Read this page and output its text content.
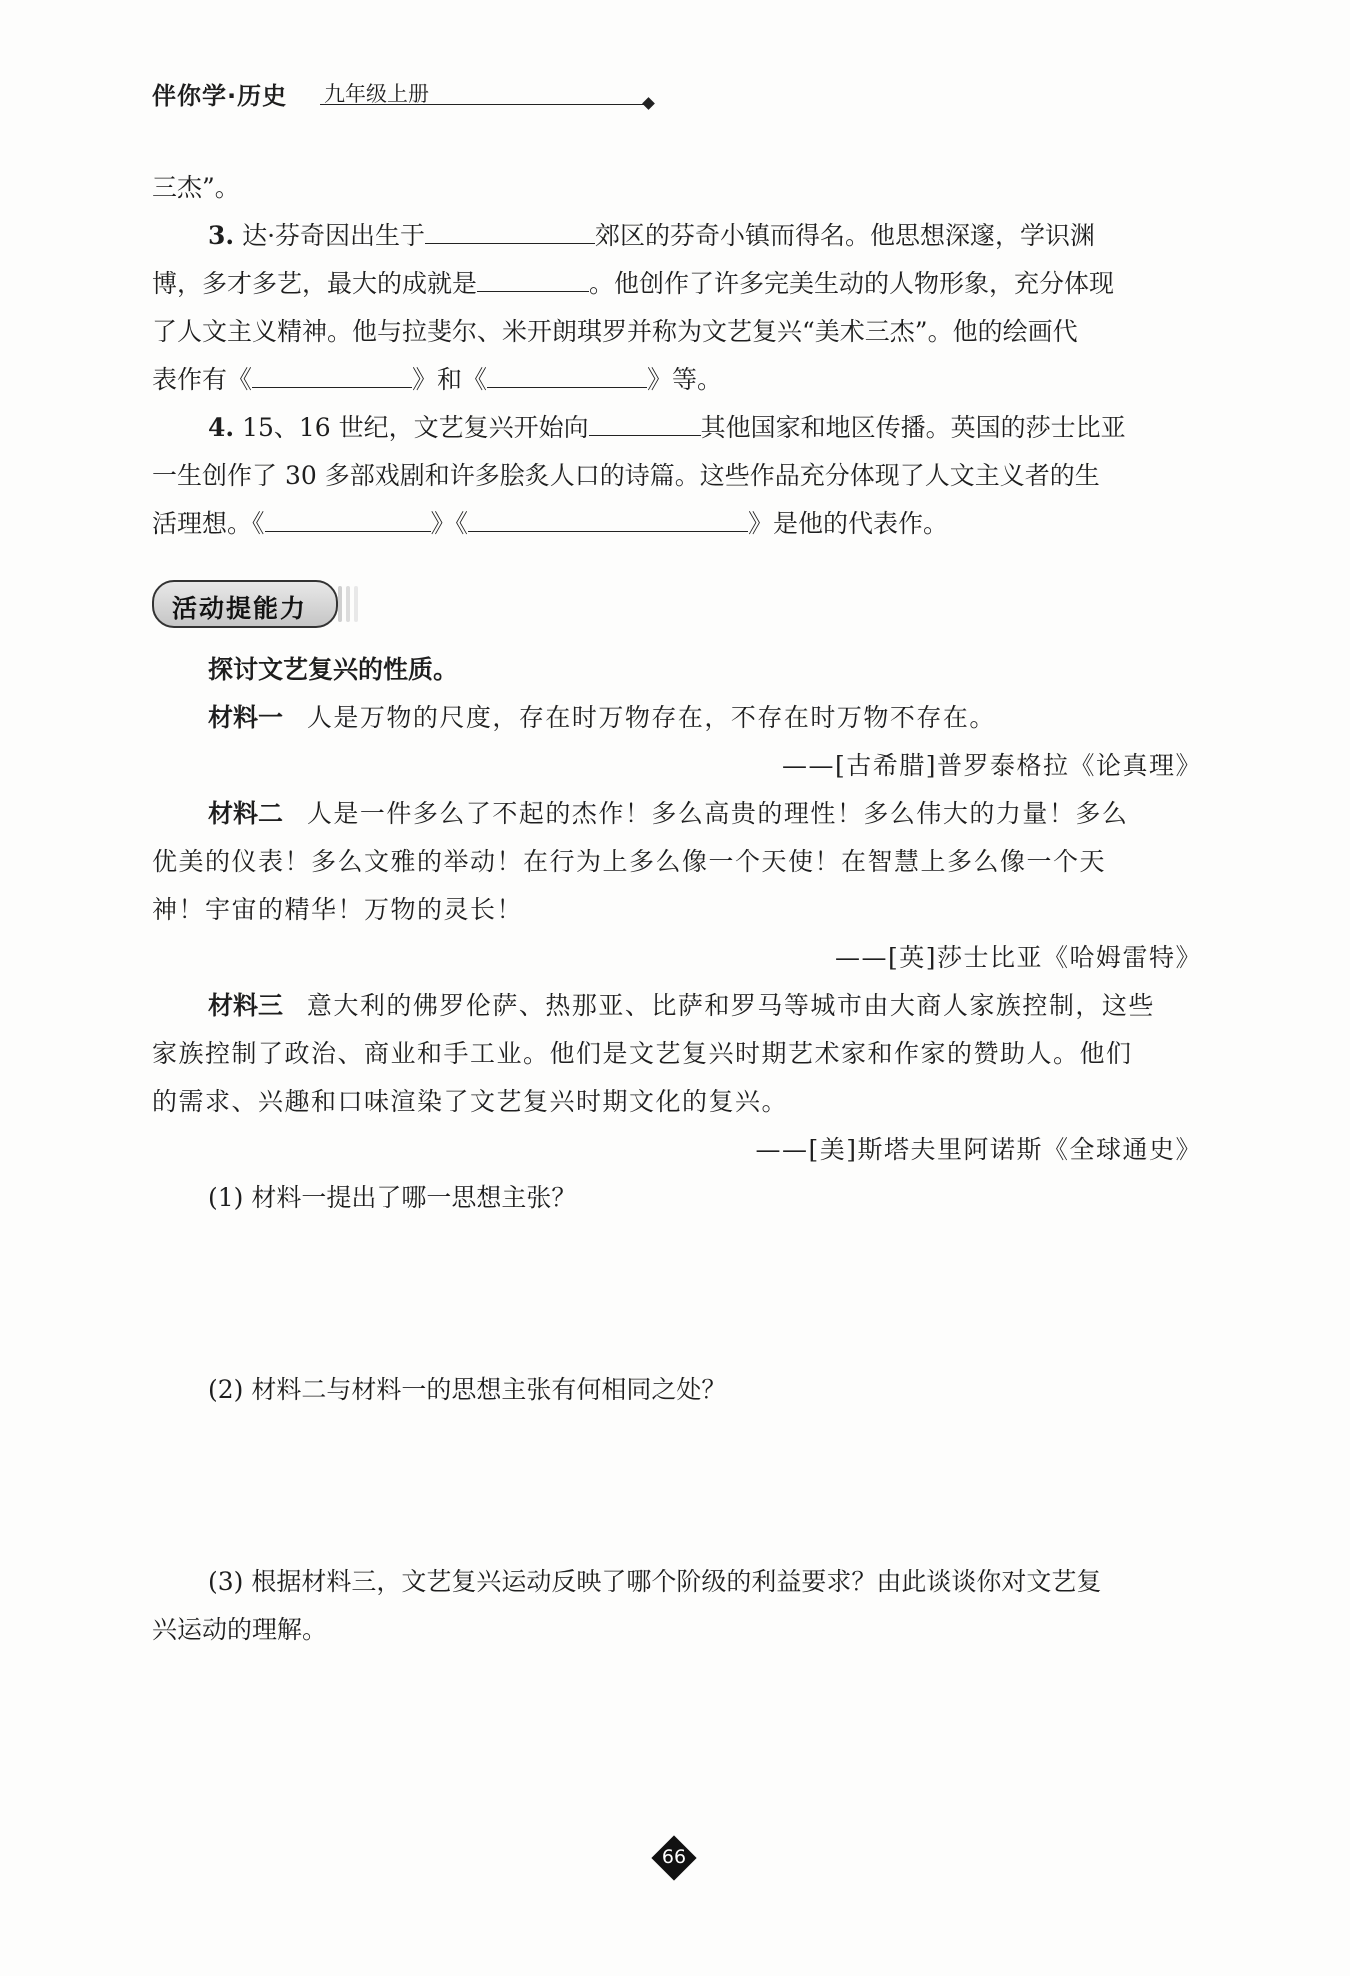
伴你学·历史 九年级上册
三杰”。
3. 达·芬奇因出生于	郊区的芬奇小镇而得名。他思想深邃，学识渊
博，多才多艺，最大的成就是	。他创作了许多完美生动的人物形象，充分体现
了人文主义精神。他与拉斐尔、米开朗琪罗并称为文艺复兴“美术三杰”。他的绘画代
表作有《	》和《	》等。
4. 15、16 世纪，文艺复兴开始向	其他国家和地区传播。英国的莎士比亚
一生创作了 30 多部戏剧和许多脍炙人口的诗篇。这些作品充分体现了人文主义者的生
活理想。《	》《	》是他的代表作。
活动提能力
探讨文艺复兴的性质。
材料一 人是万物的尺度，存在时万物存在，不存在时万物不存在。
——[古希腊]普罗泰格拉《论真理》
材料二 人是一件多么了不起的杰作！多么高贵的理性！多么伟大的力量！多么
优美的仪表！多么文雅的举动！在行为上多么像一个天使！在智慧上多么像一个天
神！宇宙的精华！万物的灵长！
——[英]莎士比亚《哈姆雷特》
材料三 意大利的佛罗伦萨、热那亚、比萨和罗马等城市由大商人家族控制，这些
家族控制了政治、商业和手工业。他们是文艺复兴时期艺术家和作家的赞助人。他们
的需求、兴趣和口味渲染了文艺复兴时期文化的复兴。
——[美]斯塔夫里阿诺斯《全球通史》
(1) 材料一提出了哪一思想主张？
(2) 材料二与材料一的思想主张有何相同之处？
(3) 根据材料三，文艺复兴运动反映了哪个阶级的利益要求？由此谈谈你对文艺复
兴运动的理解。
66
